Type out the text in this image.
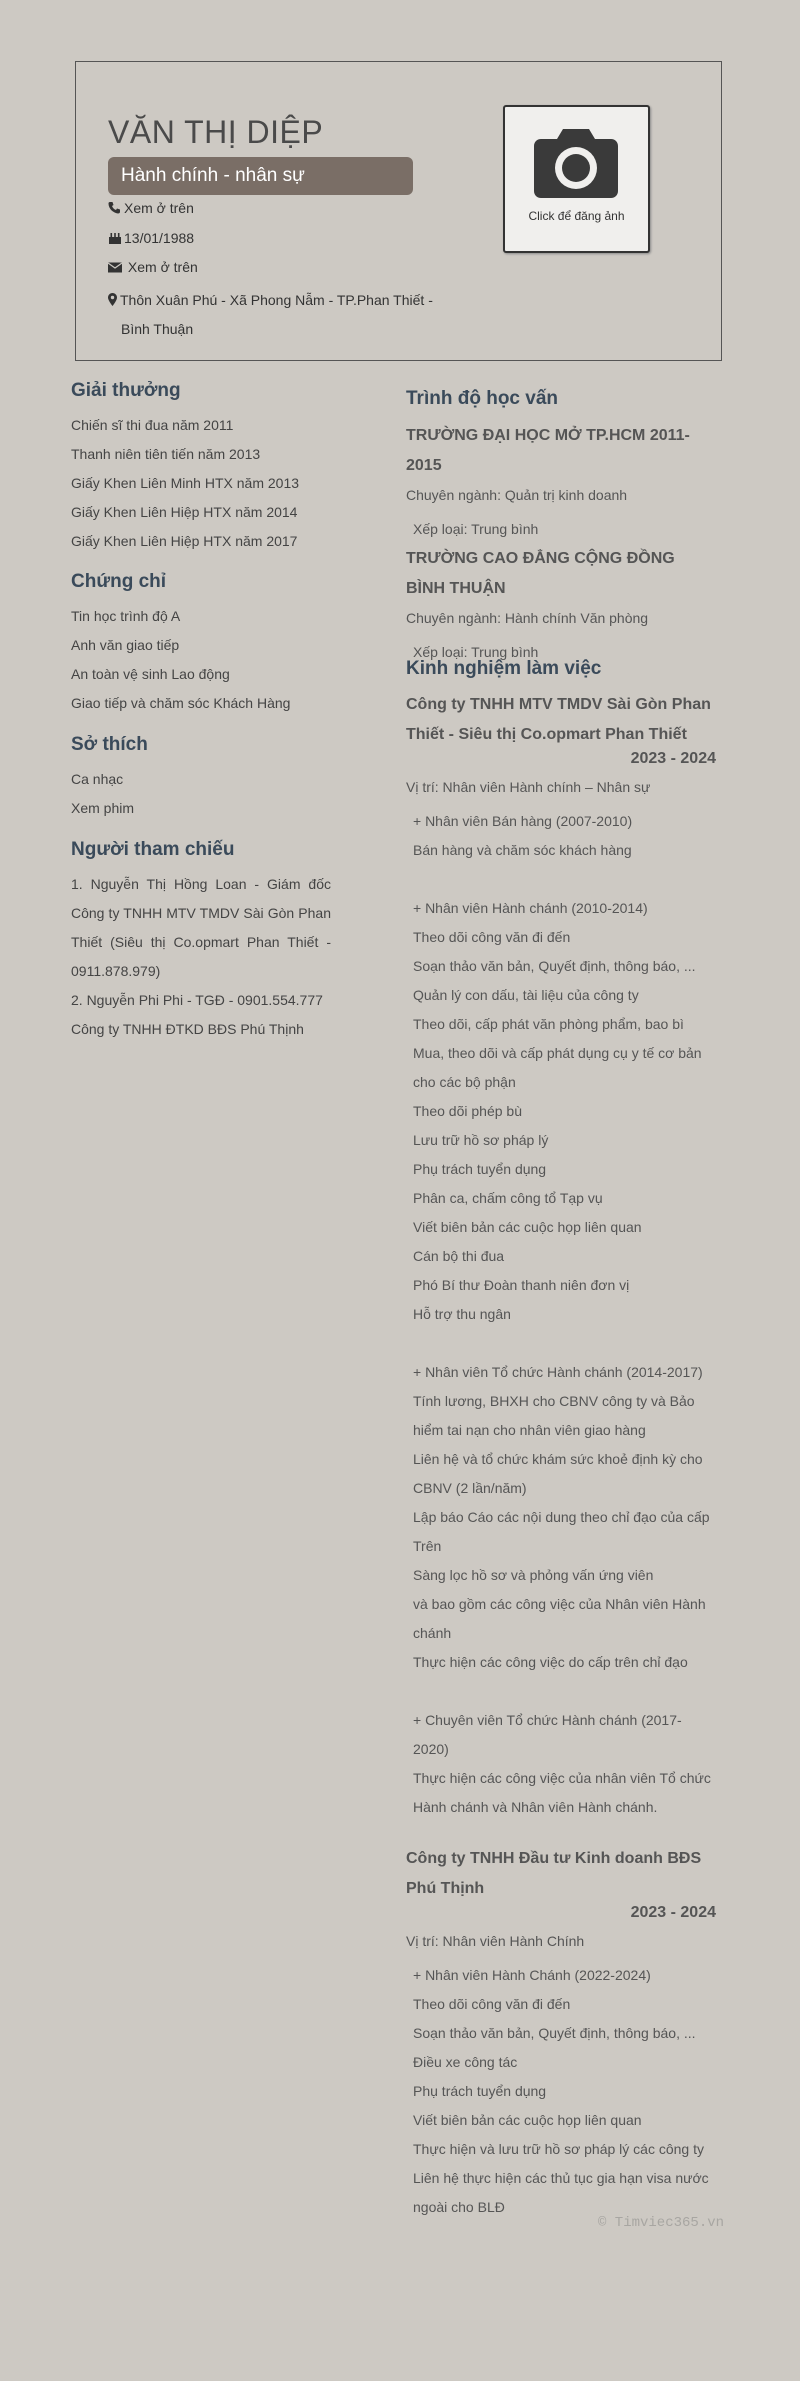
VĂN THỊ DIỆP
Hành chính - nhân sự
Xem ở trên
13/01/1988
Xem ở trên
Thôn Xuân Phú - Xã Phong Nẫm - TP.Phan Thiết -
Bình Thuận
Click để đăng ảnh
Giải thưởng
Chiến sĩ thi đua năm 2011
Thanh niên tiên tiến năm 2013
Giấy Khen Liên Minh HTX năm 2013
Giấy Khen Liên Hiệp HTX năm 2014
Giấy Khen Liên Hiệp HTX năm 2017
Chứng chỉ
Tin học trình độ A
Anh văn giao tiếp
An toàn vệ sinh Lao động
Giao tiếp và chăm sóc Khách Hàng
Sở thích
Ca nhạc
Xem phim
Người tham chiếu
1. Nguyễn Thị Hồng Loan - Giám đốc Công ty TNHH MTV TMDV Sài Gòn Phan Thiết (Siêu thị Co.opmart Phan Thiết - 0911.878.979)
2. Nguyễn Phi Phi - TGĐ - 0901.554.777
Công ty TNHH ĐTKD BĐS Phú Thịnh
Trình độ học vấn
TRƯỜNG ĐẠI HỌC MỞ TP.HCM 2011-2015
Chuyên ngành: Quản trị kinh doanh
Xếp loại: Trung bình
TRƯỜNG CAO ĐẲNG CỘNG ĐỒNG BÌNH THUẬN
Chuyên ngành: Hành chính Văn phòng
Xếp loại: Trung bình
Kinh nghiệm làm việc
Công ty TNHH MTV TMDV Sài Gòn Phan Thiết - Siêu thị Co.opmart Phan Thiết
2023 - 2024
Vị trí: Nhân viên Hành chính – Nhân sự
+ Nhân viên Bán hàng (2007-2010)
Bán hàng và chăm sóc khách hàng
+ Nhân viên Hành chánh (2010-2014)
Theo dõi công văn đi đến
Soạn thảo văn bản, Quyết định, thông báo, ...
Quản lý con dấu, tài liệu của công ty
Theo dõi, cấp phát văn phòng phẩm, bao bì
Mua, theo dõi và cấp phát dụng cụ y tế cơ bản cho các bộ phận
Theo dõi phép bù
Lưu trữ hồ sơ pháp lý
Phụ trách tuyển dụng
Phân ca, chấm công tổ Tạp vụ
Viết biên bản các cuộc họp liên quan
Cán bộ thi đua
Phó Bí thư Đoàn thanh niên đơn vị
Hỗ trợ thu ngân
+ Nhân viên Tổ chức Hành chánh (2014-2017)
Tính lương, BHXH cho CBNV công ty và Bảo hiểm tai nạn cho nhân viên giao hàng
Liên hệ và tổ chức khám sức khoẻ định kỳ cho CBNV (2 lần/năm)
Lập báo Cáo các nội dung theo chỉ đạo của cấp Trên
Sàng lọc hồ sơ và phỏng vấn ứng viên
và bao gồm các công việc của Nhân viên Hành chánh
Thực hiện các công việc do cấp trên chỉ đạo
+ Chuyên viên Tổ chức Hành chánh (2017-2020)
Thực hiện các công việc của nhân viên Tổ chức Hành chánh và Nhân viên Hành chánh.
Công ty TNHH Đầu tư Kinh doanh BĐS Phú Thịnh
2023 - 2024
Vị trí: Nhân viên Hành Chính
+ Nhân viên Hành Chánh (2022-2024)
Theo dõi công văn đi đến
Soạn thảo văn bản, Quyết định, thông báo, ...
Điều xe công tác
Phụ trách tuyển dụng
Viết biên bản các cuộc họp liên quan
Thực hiện và lưu trữ hồ sơ pháp lý các công ty
Liên hệ thực hiện các thủ tục gia hạn visa nước ngoài cho BLĐ
© Timviec365.vn
